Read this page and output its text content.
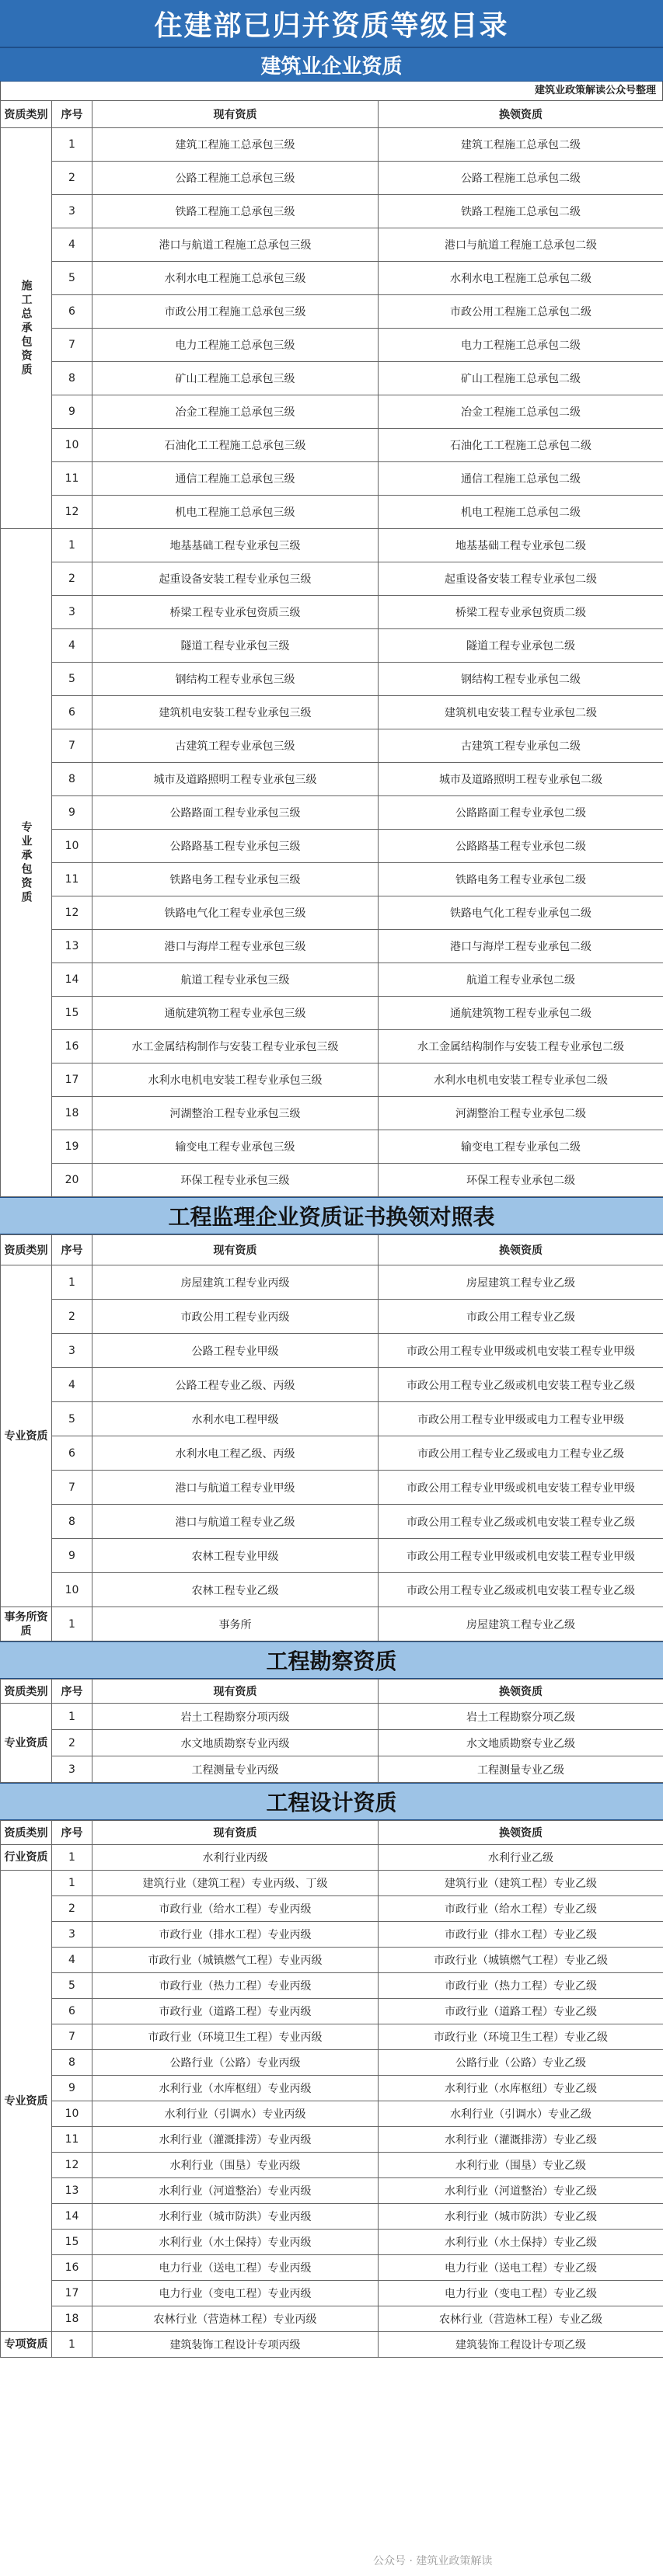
住建部已归并资质等级目录
建筑业企业资质
建筑业政策解读公众号整理
资质类别	序号	现有资质	换领资质
施工总承包资质	1	建筑工程施工总承包三级	建筑工程施工总承包二级
	2	公路工程施工总承包三级	公路工程施工总承包二级
	3	铁路工程施工总承包三级	铁路工程施工总承包二级
	4	港口与航道工程施工总承包三级	港口与航道工程施工总承包二级
	5	水利水电工程施工总承包三级	水利水电工程施工总承包二级
	6	市政公用工程施工总承包三级	市政公用工程施工总承包二级
	7	电力工程施工总承包三级	电力工程施工总承包二级
	8	矿山工程施工总承包三级	矿山工程施工总承包二级
	9	冶金工程施工总承包三级	冶金工程施工总承包二级
	10	石油化工工程施工总承包三级	石油化工工程施工总承包二级
	11	通信工程施工总承包三级	通信工程施工总承包二级
	12	机电工程施工总承包三级	机电工程施工总承包二级
专业承包资质	1	地基基础工程专业承包三级	地基基础工程专业承包二级
	2	起重设备安装工程专业承包三级	起重设备安装工程专业承包二级
	3	桥梁工程专业承包资质三级	桥梁工程专业承包资质二级
	4	隧道工程专业承包三级	隧道工程专业承包二级
	5	钢结构工程专业承包三级	钢结构工程专业承包二级
	6	建筑机电安装工程专业承包三级	建筑机电安装工程专业承包二级
	7	古建筑工程专业承包三级	古建筑工程专业承包二级
	8	城市及道路照明工程专业承包三级	城市及道路照明工程专业承包二级
	9	公路路面工程专业承包三级	公路路面工程专业承包二级
	10	公路路基工程专业承包三级	公路路基工程专业承包二级
	11	铁路电务工程专业承包三级	铁路电务工程专业承包二级
	12	铁路电气化工程专业承包三级	铁路电气化工程专业承包二级
	13	港口与海岸工程专业承包三级	港口与海岸工程专业承包二级
	14	航道工程专业承包三级	航道工程专业承包二级
	15	通航建筑物工程专业承包三级	通航建筑物工程专业承包二级
	16	水工金属结构制作与安装工程专业承包三级	水工金属结构制作与安装工程专业承包二级
	17	水利水电机电安装工程专业承包三级	水利水电机电安装工程专业承包二级
	18	河湖整治工程专业承包三级	河湖整治工程专业承包二级
	19	输变电工程专业承包三级	输变电工程专业承包二级
	20	环保工程专业承包三级	环保工程专业承包二级
工程监理企业资质证书换领对照表
资质类别	序号	现有资质	换领资质
专业资质	1	房屋建筑工程专业丙级	房屋建筑工程专业乙级
	2	市政公用工程专业丙级	市政公用工程专业乙级
	3	公路工程专业甲级	市政公用工程专业甲级或机电安装工程专业甲级
	4	公路工程专业乙级、丙级	市政公用工程专业乙级或机电安装工程专业乙级
	5	水利水电工程甲级	市政公用工程专业甲级或电力工程专业甲级
	6	水利水电工程乙级、丙级	市政公用工程专业乙级或电力工程专业乙级
	7	港口与航道工程专业甲级	市政公用工程专业甲级或机电安装工程专业甲级
	8	港口与航道工程专业乙级	市政公用工程专业乙级或机电安装工程专业乙级
	9	农林工程专业甲级	市政公用工程专业甲级或机电安装工程专业甲级
	10	农林工程专业乙级	市政公用工程专业乙级或机电安装工程专业乙级
事务所资质	1	事务所	房屋建筑工程专业乙级
工程勘察资质
资质类别	序号	现有资质	换领资质
专业资质	1	岩土工程勘察分项丙级	岩土工程勘察分项乙级
	2	水文地质勘察专业丙级	水文地质勘察专业乙级
	3	工程测量专业丙级	工程测量专业乙级
工程设计资质
资质类别	序号	现有资质	换领资质
行业资质	1	水利行业丙级	水利行业乙级
专业资质	1	建筑行业（建筑工程）专业丙级、丁级	建筑行业（建筑工程）专业乙级
	2	市政行业（给水工程）专业丙级	市政行业（给水工程）专业乙级
	3	市政行业（排水工程）专业丙级	市政行业（排水工程）专业乙级
	4	市政行业（城镇燃气工程）专业丙级	市政行业（城镇燃气工程）专业乙级
	5	市政行业（热力工程）专业丙级	市政行业（热力工程）专业乙级
	6	市政行业（道路工程）专业丙级	市政行业（道路工程）专业乙级
	7	市政行业（环境卫生工程）专业丙级	市政行业（环境卫生工程）专业乙级
	8	公路行业（公路）专业丙级	公路行业（公路）专业乙级
	9	水利行业（水库枢纽）专业丙级	水利行业（水库枢纽）专业乙级
	10	水利行业（引调水）专业丙级	水利行业（引调水）专业乙级
	11	水利行业（灌溉排涝）专业丙级	水利行业（灌溉排涝）专业乙级
	12	水利行业（围垦）专业丙级	水利行业（围垦）专业乙级
	13	水利行业（河道整治）专业丙级	水利行业（河道整治）专业乙级
	14	水利行业（城市防洪）专业丙级	水利行业（城市防洪）专业乙级
	15	水利行业（水土保持）专业丙级	水利行业（水土保持）专业乙级
	16	电力行业（送电工程）专业丙级	电力行业（送电工程）专业乙级
	17	电力行业（变电工程）专业丙级	电力行业（变电工程）专业乙级
	18	农林行业（营造林工程）专业丙级	农林行业（营造林工程）专业乙级
专项资质	1	建筑装饰工程设计专项丙级	建筑装饰工程设计专项乙级
公众号 · 建筑业政策解读
